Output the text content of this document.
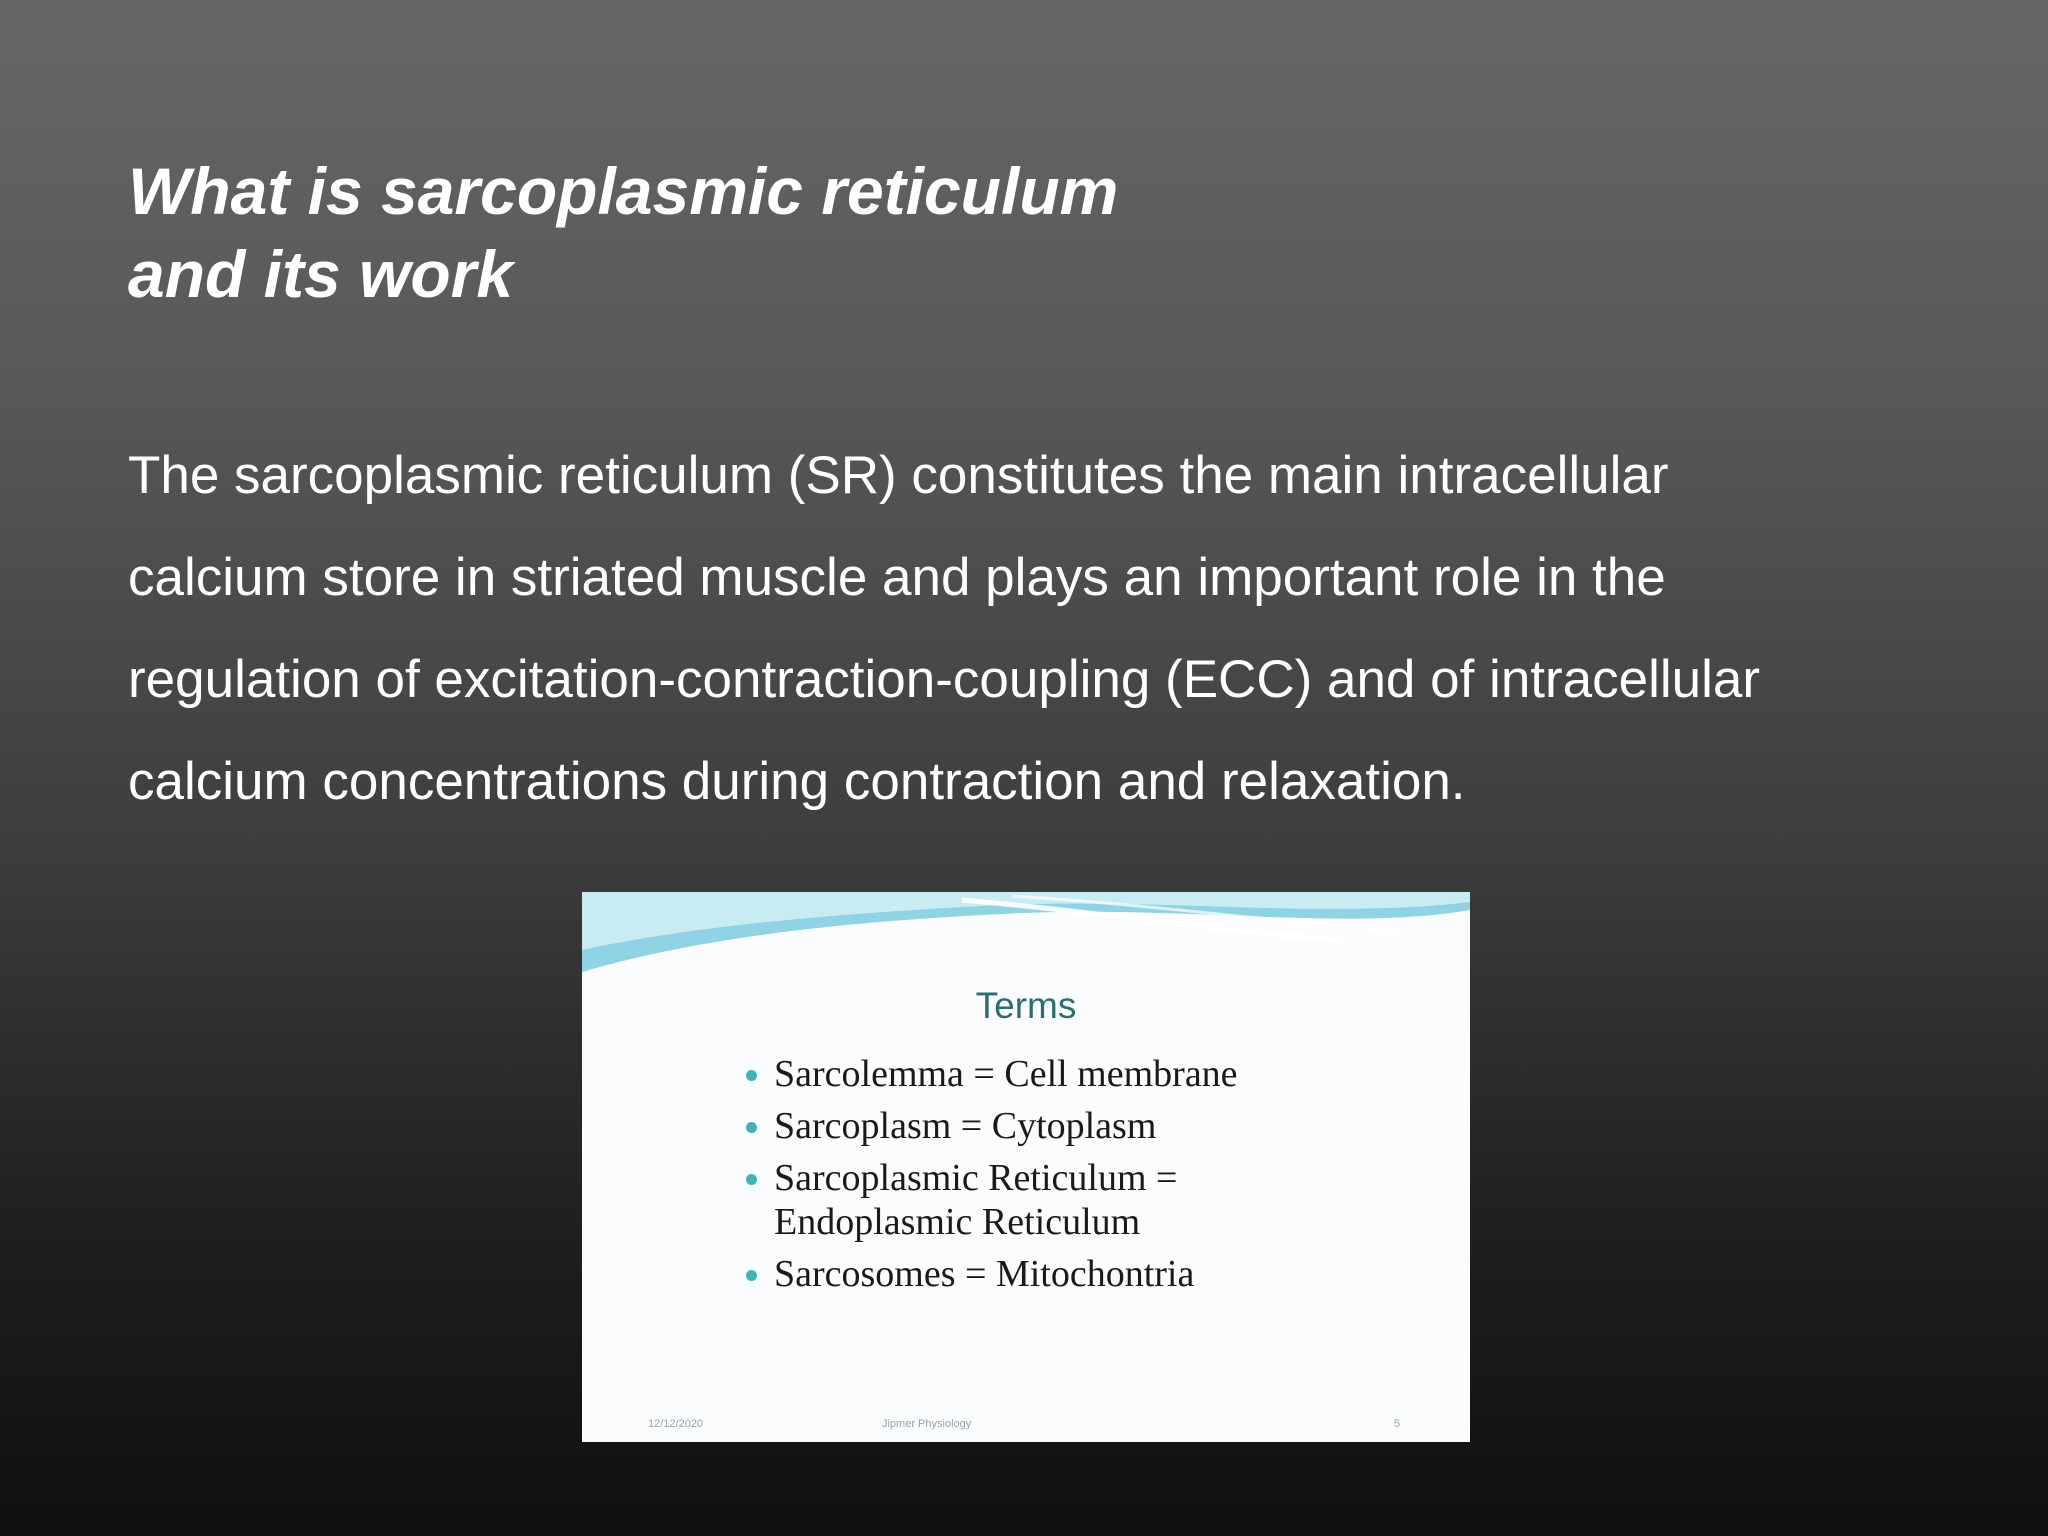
What is sarcoplasmic reticulum
and its work

The sarcoplasmic reticulum (SR) constitutes the main intracellular
calcium store in striated muscle and plays an important role in the
regulation of excitation-contraction-coupling (ECC) and of intracellular
calcium concentrations during contraction and relaxation.

Terms
Sarcolemma = Cell membrane
Sarcoplasm = Cytoplasm
Sarcoplasmic Reticulum =
Endoplasmic Reticulum
Sarcosomes = Mitochontria
12/12/2020	Jipmer Physiology	5
